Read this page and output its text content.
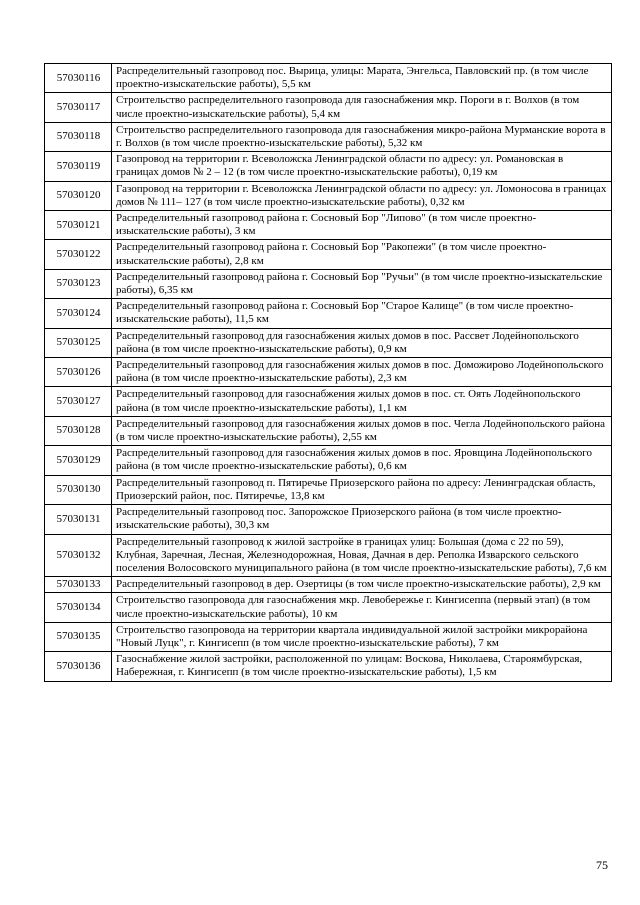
57030116	Распределительный газопровод пос. Вырица, улицы: Марата, Энгельса, Павловский пр. (в том числе проектно-изыскательские работы), 5,5 км
57030117	Строительство распределительного газопровода для газоснабжения мкр. Пороги в г. Волхов (в том числе проектно-изыскательские работы), 5,4 км
57030118	Строительство распределительного газопровода для газоснабжения микро-района Мурманские ворота в г. Волхов (в том числе проектно-изыскательские работы), 5,32 км
57030119	Газопровод на территории г. Всеволожска Ленинградской области по адресу: ул. Романовская в границах домов № 2 – 12 (в том числе проектно-изыскательские работы), 0,19 км
57030120	Газопровод на территории г. Всеволожска Ленинградской области по адресу: ул. Ломоносова в границах домов № 111– 127 (в том числе проектно-изыскательские работы), 0,32 км
57030121	Распределительный газопровод района г. Сосновый Бор "Липово" (в том числе проектно-изыскательские работы), 3 км
57030122	Распределительный газопровод района г. Сосновый Бор "Ракопежи" (в том числе проектно-изыскательские работы), 2,8 км
57030123	Распределительный газопровод района г. Сосновый Бор "Ручьи" (в том числе проектно-изыскательские работы), 6,35 км
57030124	Распределительный газопровод района г. Сосновый Бор "Старое Калище" (в том числе проектно-изыскательские работы), 11,5 км
57030125	Распределительный газопровод для газоснабжения жилых домов в пос. Рассвет Лодейнопольского района (в том числе проектно-изыскательские работы), 0,9 км
57030126	Распределительный газопровод для газоснабжения жилых домов в пос. Доможирово Лодейнопольского района (в том числе проектно-изыскательские работы), 2,3 км
57030127	Распределительный газопровод для газоснабжения жилых домов в пос. ст. Оять Лодейнопольского района (в том числе проектно-изыскательские работы), 1,1 км
57030128	Распределительный газопровод для газоснабжения жилых домов в пос. Чегла Лодейнопольского района (в том числе проектно-изыскательские работы), 2,55 км
57030129	Распределительный газопровод для газоснабжения жилых домов в пос. Яровщина Лодейнопольского района (в том числе проектно-изыскательские работы), 0,6 км
57030130	Распределительный газопровод п. Пятиречье Приозерского района по адресу: Ленинградская область, Приозерский район, пос. Пятиречье, 13,8 км
57030131	Распределительный газопровод пос. Запорожское Приозерского района (в том числе проектно-изыскательские работы), 30,3 км
57030132	Распределительный газопровод к жилой застройке в границах улиц: Большая (дома с 22 по 59), Клубная, Заречная, Лесная, Железнодорожная, Новая, Дачная в дер. Реполка Изварского сельского поселения Волосовского муниципального района (в том числе проектно-изыскательские работы), 7,6 км
57030133	Распределительный газопровод в дер. Озертицы (в том числе проектно-изыскательские работы), 2,9 км
57030134	Строительство газопровода для газоснабжения мкр. Левобережье г. Кингисеппа (первый этап) (в том числе проектно-изыскательские работы), 10 км
57030135	Строительство газопровода на территории квартала индивидуальной жилой застройки микрорайона "Новый Луцк", г. Кингисепп (в том числе проектно-изыскательские работы), 7 км
57030136	Газоснабжение жилой застройки, расположенной по улицам: Воскова, Николаева, Староямбурская, Набережная, г. Кингисепп (в том числе проектно-изыскательские работы), 1,5 км
75
